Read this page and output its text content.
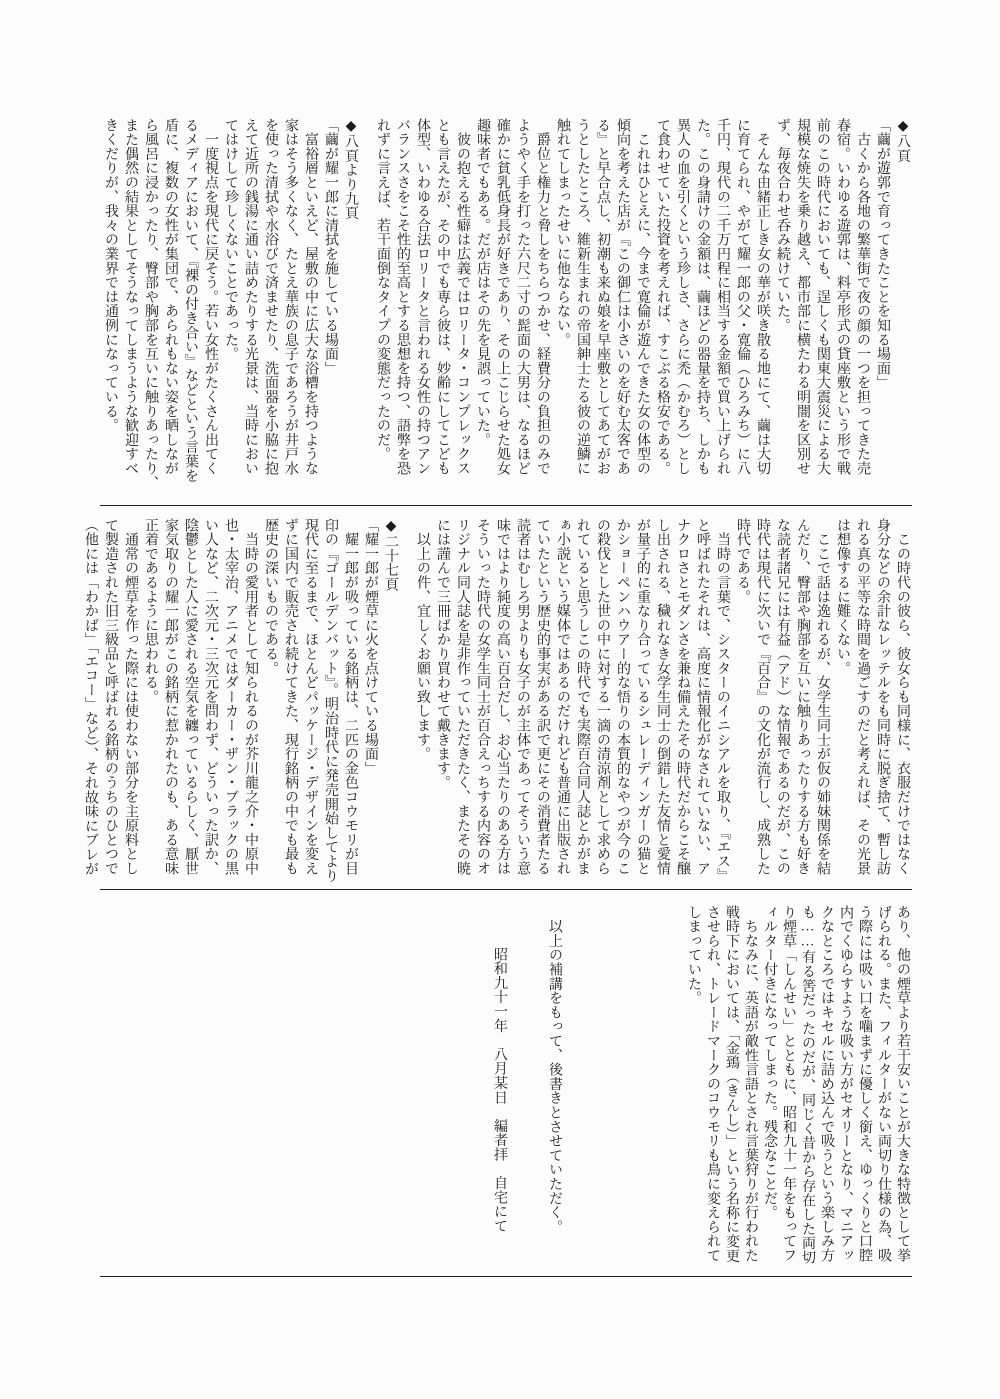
◆八頁
「繭が遊郭で育ってきたことを知る場面」
　古くから各地の繁華街で夜の顔の一つを担ってきた売
春宿。いわゆる遊郭は、料亭形式の貸座敷という形で戦
前のこの時代においても、逞しくも関東大震災による大
規模な焼失を乗り越え、都市部に横たわる明闇を区別せ
ず、毎夜合わせ呑み続けていた。
　そんな由緒正しき女の華が咲き散る地にて、繭は大切
に育てられ、やがて耀一郎の父・寛倫（ひろみち）に八
千円、現代の二千万円程に相当する金額で買い上げられ
た。この身請けの金額は、繭ほどの器量を持ち、しかも
異人の血を引くという珍しさ、さらに禿（かむろ）とし
て食わせていた投資を考えれば、すこぶる格安である。
　これはひとえに、今まで寛倫が遊んできた女の体型の
傾向を考えた店が『この御仁は小さいのを好む太客であ
る』と早合点し、初潮も来ぬ娘を早座敷としてあてがお
うとしたところ、維新生まれの帝国紳士たる彼の逆鱗に
触れてしまったせいに他ならない。
　爵位と権力と脅しをちらつかせ、経費分の負担のみで
ようやく手を打った六尺二寸の髭面の大男は、なるほど
確かに貧乳低身長が好きであり、その上こじらせた処女
趣味者でもある。だが店はその先を見誤っていた。
　彼の抱える性癖は広義ではロリータ・コンプレックス
とも言えたが、その中でも専ら彼は、妙齢にしてこども
体型、いわゆる合法ロリータと言われる女性の持つアン
バランスさをこそ性的至高とする思想を持つ、語弊を恐
れずに言えば、若干面倒なタイプの変態だったのだ。
◆八頁より九頁
「繭が耀一郎に清拭を施している場面」
　富裕層といえど、屋敷の中に広大な浴槽を持つような
家はそう多くなく、たとえ華族の息子であろうが井戸水
を使った清拭や水浴びで済ませたり、洗面器を小脇に抱
えて近所の銭湯に通い詰めたりする光景は、当時におい
てはけして珍しくないことであった。
　一度視点を現代に戻そう。若い女性がたくさん出てく
るメディアにおいて、『裸の付き合い』などという言葉を
盾に、複数の女性が集団で、あられもない姿を晒しなが
ら風呂に浸かったり、臀部や胸部を互いに触りあったり、
また偶然の結果としてそうなってしまうような歓迎すべ
きくだりが、我々の業界では通例になっている。
　この時代の彼ら、彼女らも同様に、衣服だけではなく
身分などの余計なレッテルをも同時に脱ぎ捨て、暫し訪
れる真の平等な時間を過ごすのだと考えれば、その光景
は想像するに難くない。
　ここで話は逸れるが、女学生同士が仮の姉妹関係を結
んだり、臀部や胸部を互いに触りあったりする方も好き
な読者諸兄には有益（アド）な情報であるのだが、この
時代は現代に次いで『百合』の文化が流行し、成熟した
時代である。
　当時の言葉で、シスターのイニシアルを取り、『エス』
と呼ばれたそれは、高度に情報化がなされていない、ア
ナクロさとモダンさを兼ね備えたその時代だからこそ醸
し出される、穢れなき女学生同士の倒錯した友情と愛情
が量子的に重なり合っているシュレーディンガーの猫と
かショーペンハウアー的な悟りの本質的なやつが今のこ
の殺伐とした世の中に対する一滴の清涼剤として求めら
れていると思うしこの時代でも実際百合同人誌とかがま
ぁ小説という媒体ではあるのだけれども普通に出版され
ていたという歴史的事実がある訳で更にその消費者たる
読者はむしろ男よりも女子のが主体であってそういう意
味ではより純度の高い百合だし、お心当たりのある方は
そういった時代の女学生同士が百合えっちする内容のオ
リジナル同人誌を是非作っていただきたく、またその暁
には謹んで三冊ばかり買わせて戴きます。
　以上の件、宜しくお願い致します。
◆二十七頁
「耀一郎が煙草に火を点けている場面」
　耀一郎が吸っている銘柄は、二匹の金色コウモリが目
印の『ゴールデンバット』。明治時代に発売開始してより
現代に至るまで、ほとんどパッケージ・デザインを変え
ずに国内で販売され続けてきた、現行銘柄の中でも最も
歴史の深いものである。
　当時の愛用者として知られるのが芥川龍之介・中原中
也・太宰治、アニメではダーカー・ザン・ブラックの黒
い人など、二次元・三次元を問わず、どういった訳か、
陰鬱とした人に愛される空気を纏っているらしく、厭世
家気取りの耀一郎がこの銘柄に惹かれたのも、ある意味
正着であるように思われる。
　通常の煙草を作った際には使わない部分を主原料とし
て製造された旧三級品と呼ばれる銘柄のうちのひとつで
（他には「わかば」「エコー」など）、それ故味にブレが
あり、他の煙草より若干安いことが大きな特徴として挙
げられる。また、フィルターがない両切り仕様の為、吸
う際には吸い口を噛まずに優しく銜え、ゆっくりと口腔
内でくゆらすような吸い方がセオリーとなり、マニアッ
クなところではキセルに詰め込んで吸うという楽しみ方
も……有る筈だったのだが、同じく昔から存在した両切
り煙草「しんせい」とともに、昭和九十一年をもってフ
ィルター付きになってしまった。残念なことだ。
　ちなみに、英語が敵性言語とされ言葉狩りが行われた
戦時下においては、「金鵄（きんし）」という名称に変更
させられ、トレードマークのコウモリも鳥に変えられて
しまっていた。
　以上の補講をもって、後書きとさせていただく。
昭和九十一年　八月某日　編者拝　自宅にて
